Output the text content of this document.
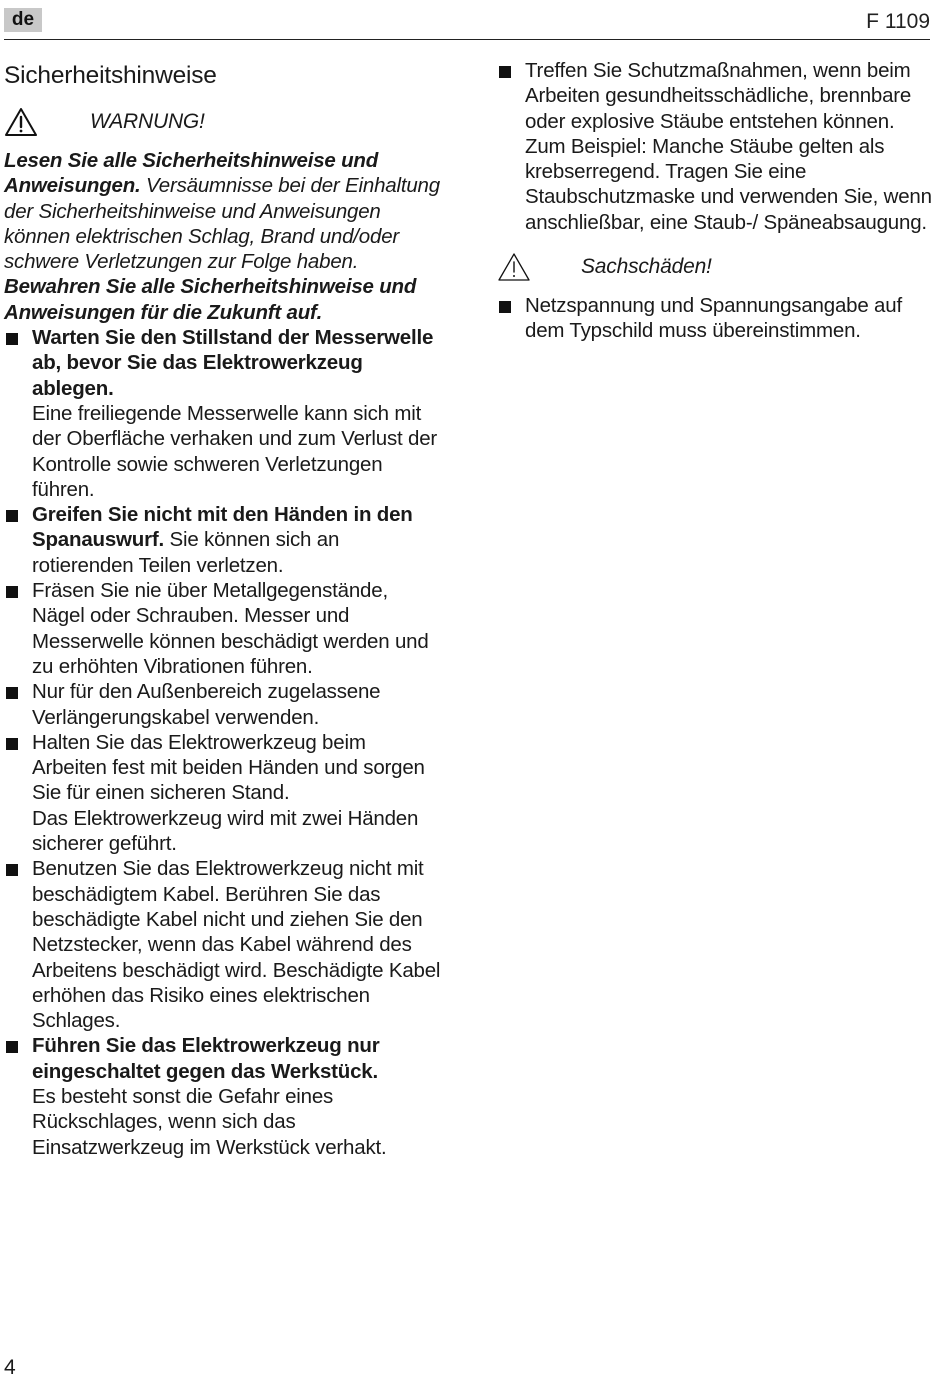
de	F 1109
Sicherheitshinweise
WARNUNG!

Lesen Sie alle Sicherheitshinweise und Anweisungen. Versäumnisse bei der Einhaltung der Sicherheitshinweise und Anweisungen können elektrischen Schlag, Brand und/oder schwere Verletzungen zur Folge haben.
Bewahren Sie alle Sicherheitshinweise und Anweisungen für die Zukunft auf.

Warten Sie den Stillstand der Messerwelle ab, bevor Sie das Elektrowerkzeug ablegen.
Eine freiliegende Messerwelle kann sich mit der Oberfläche verhaken und zum Verlust der Kontrolle sowie schweren Verletzungen führen.
Greifen Sie nicht mit den Händen in den Spanauswurf. Sie können sich an rotierenden Teilen verletzen.
Fräsen Sie nie über Metallgegenstände, Nägel oder Schrauben. Messer und Messerwelle können beschädigt werden und zu erhöhten Vibrationen führen.
Nur für den Außenbereich zugelassene Verlängerungskabel verwenden.
Halten Sie das Elektrowerkzeug beim Arbeiten fest mit beiden Händen und sorgen Sie für einen sicheren Stand.
Das Elektrowerkzeug wird mit zwei Händen sicherer geführt.
Benutzen Sie das Elektrowerkzeug nicht mit beschädigtem Kabel. Berühren Sie das beschädigte Kabel nicht und ziehen Sie den Netzstecker, wenn das Kabel während des Arbeitens beschädigt wird. Beschädigte Kabel erhöhen das Risiko eines elektrischen Schlages.
Führen Sie das Elektrowerkzeug nur eingeschaltet gegen das Werkstück.
Es besteht sonst die Gefahr eines Rückschlages, wenn sich das Einsatzwerkzeug im Werkstück verhakt.
Treffen Sie Schutzmaßnahmen, wenn beim Arbeiten gesundheitsschädliche, brennbare oder explosive Stäube entstehen können. Zum Beispiel: Manche Stäube gelten als krebserregend. Tragen Sie eine Staubschutzmaske und verwenden Sie, wenn anschließbar, eine Staub-/ Späneabsaugung.
Sachschäden!
Netzspannung und Spannungsangabe auf dem Typschild muss übereinstimmen.
4
